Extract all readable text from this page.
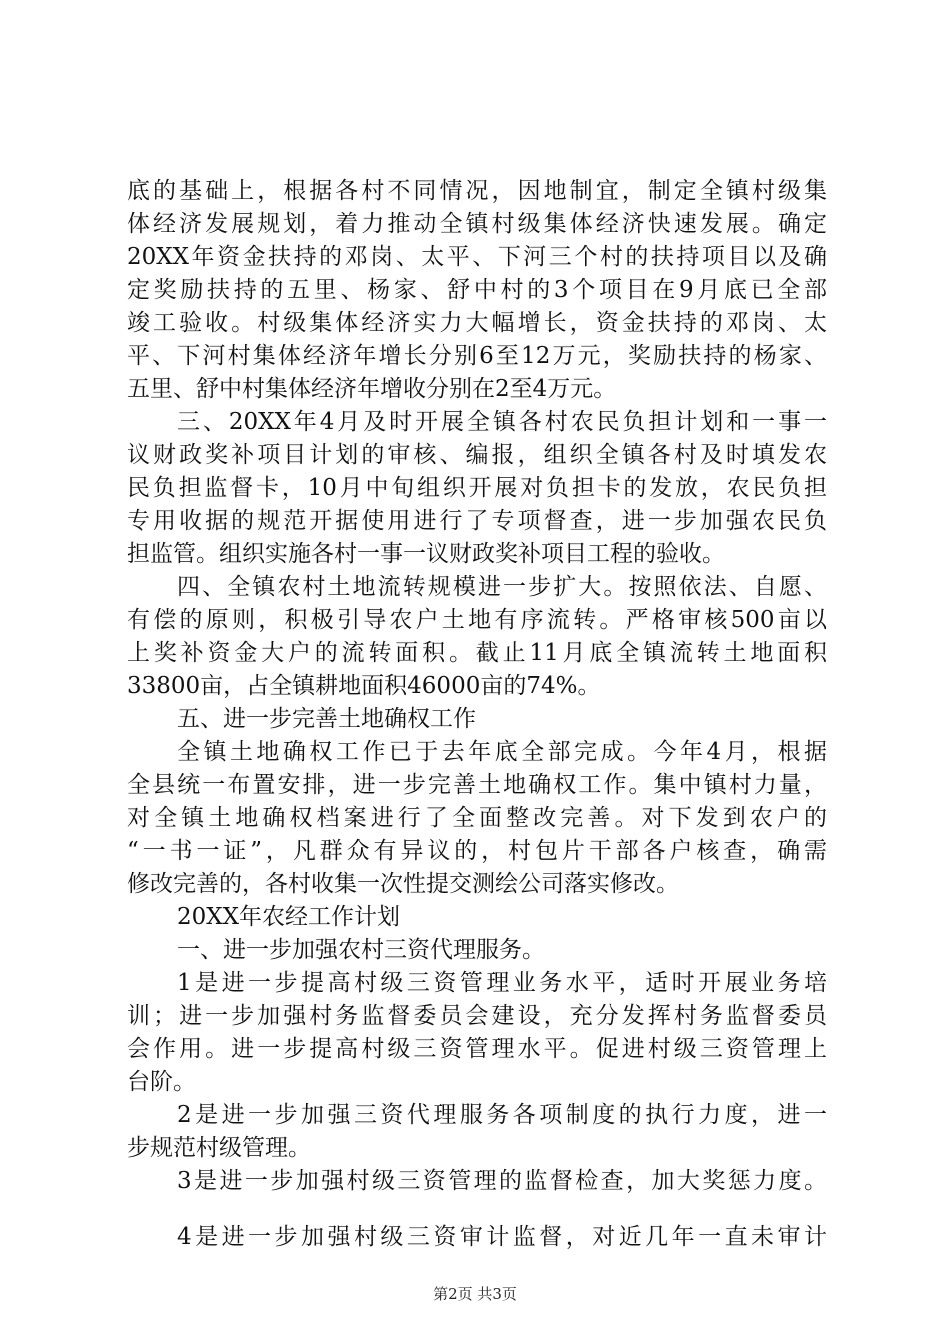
底的基础上，根据各村不同情况，因地制宜，制定全镇村级集
体经济发展规划，着力推动全镇村级集体经济快速发展。确定
20XX年资金扶持的邓岗、太平、下河三个村的扶持项目以及确
定奖励扶持的五里、杨家、舒中村的3个项目在9月底已全部
竣工验收。村级集体经济实力大幅增长，资金扶持的邓岗、太
平、下河村集体经济年增长分别6至12万元，奖励扶持的杨家、
五里、舒中村集体经济年增收分别在2至4万元。
三、20XX年4月及时开展全镇各村农民负担计划和一事一
议财政奖补项目计划的审核、编报，组织全镇各村及时填发农
民负担监督卡，10月中旬组织开展对负担卡的发放，农民负担
专用收据的规范开据使用进行了专项督查，进一步加强农民负
担监管。组织实施各村一事一议财政奖补项目工程的验收。
四、全镇农村土地流转规模进一步扩大。按照依法、自愿、
有偿的原则，积极引导农户土地有序流转。严格审核500亩以
上奖补资金大户的流转面积。截止11月底全镇流转土地面积
33800亩，占全镇耕地面积46000亩的74%。
五、进一步完善土地确权工作
全镇土地确权工作已于去年底全部完成。今年4月，根据
全县统一布置安排，进一步完善土地确权工作。集中镇村力量，
对全镇土地确权档案进行了全面整改完善。对下发到农户的
“一书一证”，凡群众有异议的，村包片干部各户核查，确需
修改完善的，各村收集一次性提交测绘公司落实修改。
20XX年农经工作计划
一、进一步加强农村三资代理服务。
1是进一步提高村级三资管理业务水平，适时开展业务培
训；进一步加强村务监督委员会建设，充分发挥村务监督委员
会作用。进一步提高村级三资管理水平。促进村级三资管理上
台阶。
2是进一步加强三资代理服务各项制度的执行力度，进一
步规范村级管理。
3是进一步加强村级三资管理的监督检查，加大奖惩力度。
4是进一步加强村级三资审计监督，对近几年一直未审计
第2页 共3页
